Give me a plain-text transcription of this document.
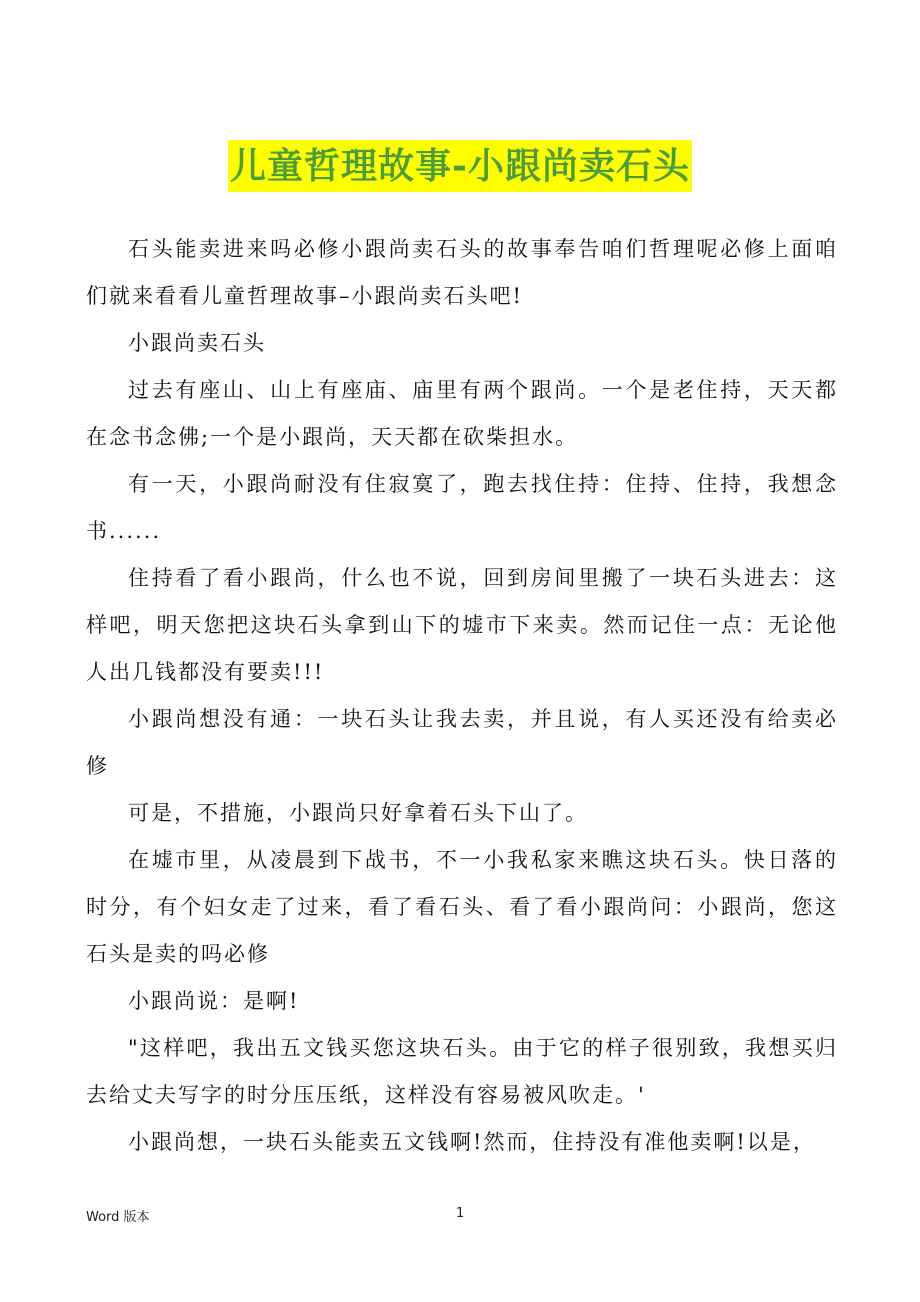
儿童哲理故事-小跟尚卖石头

石头能卖进来吗必修小跟尚卖石头的故事奉告咱们哲理呢必修上面咱们就来看看儿童哲理故事–小跟尚卖石头吧!

小跟尚卖石头

过去有座山、山上有座庙、庙里有两个跟尚。一个是老住持，天天都在念书念佛;一个是小跟尚，天天都在砍柴担水。

有一天，小跟尚耐没有住寂寞了，跑去找住持：住持、住持，我想念书......

住持看了看小跟尚，什么也不说，回到房间里搬了一块石头进去：这样吧，明天您把这块石头拿到山下的墟市下来卖。然而记住一点：无论他人出几钱都没有要卖!!!

小跟尚想没有通：一块石头让我去卖，并且说，有人买还没有给卖必修

可是，不措施，小跟尚只好拿着石头下山了。

在墟市里，从凌晨到下战书，不一小我私家来瞧这块石头。快日落的时分，有个妇女走了过来，看了看石头、看了看小跟尚问：小跟尚，您这石头是卖的吗必修

小跟尚说：是啊!

"这样吧，我出五文钱买您这块石头。由于它的样子很别致，我想买归去给丈夫写字的时分压压纸，这样没有容易被风吹走。'

小跟尚想，一块石头能卖五文钱啊!然而，住持没有准他卖啊!以是，

Word 版本	1
